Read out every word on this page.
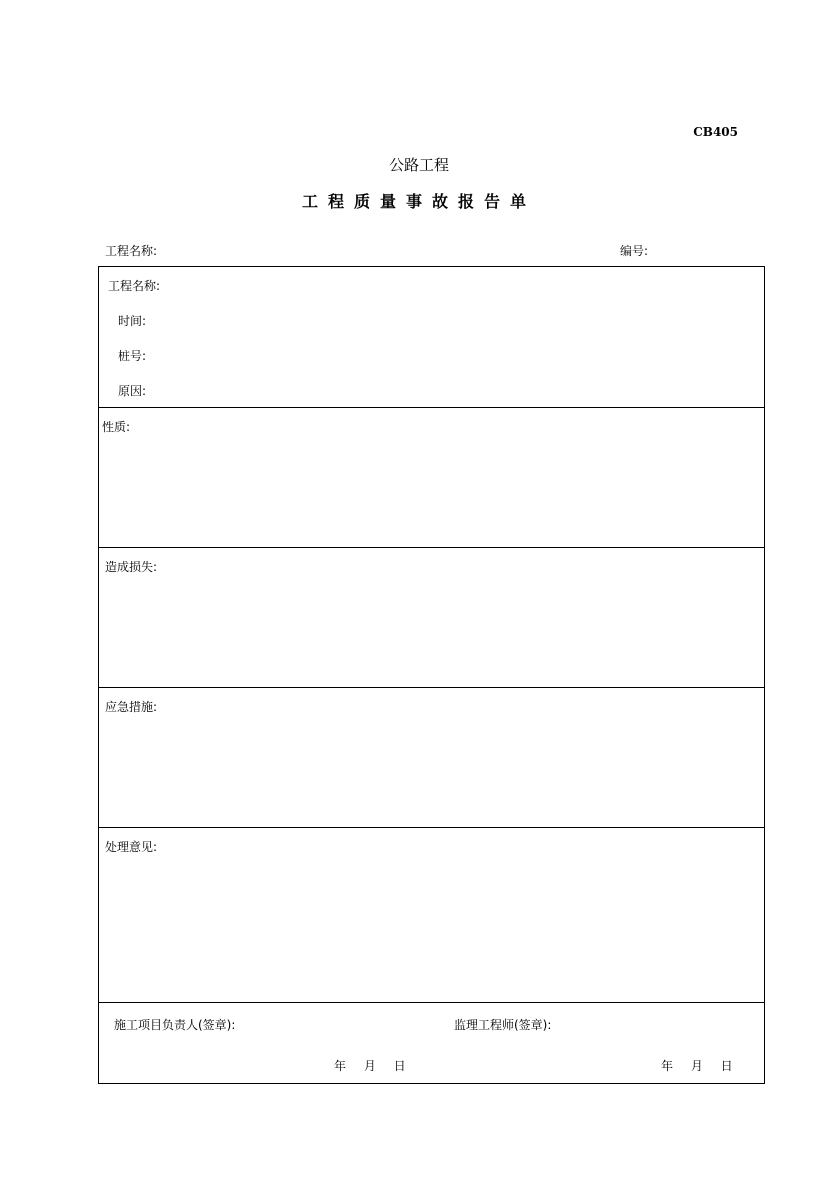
CB405
公路工程
工程质量事故报告单
工程名称:	编号:
工程名称:
时间:
桩号:
原因:
性质:
造成损失:
应急措施:
处理意见:
施工项目负责人(签章):	监理工程师(签章):
年 月 日	年 月 日
